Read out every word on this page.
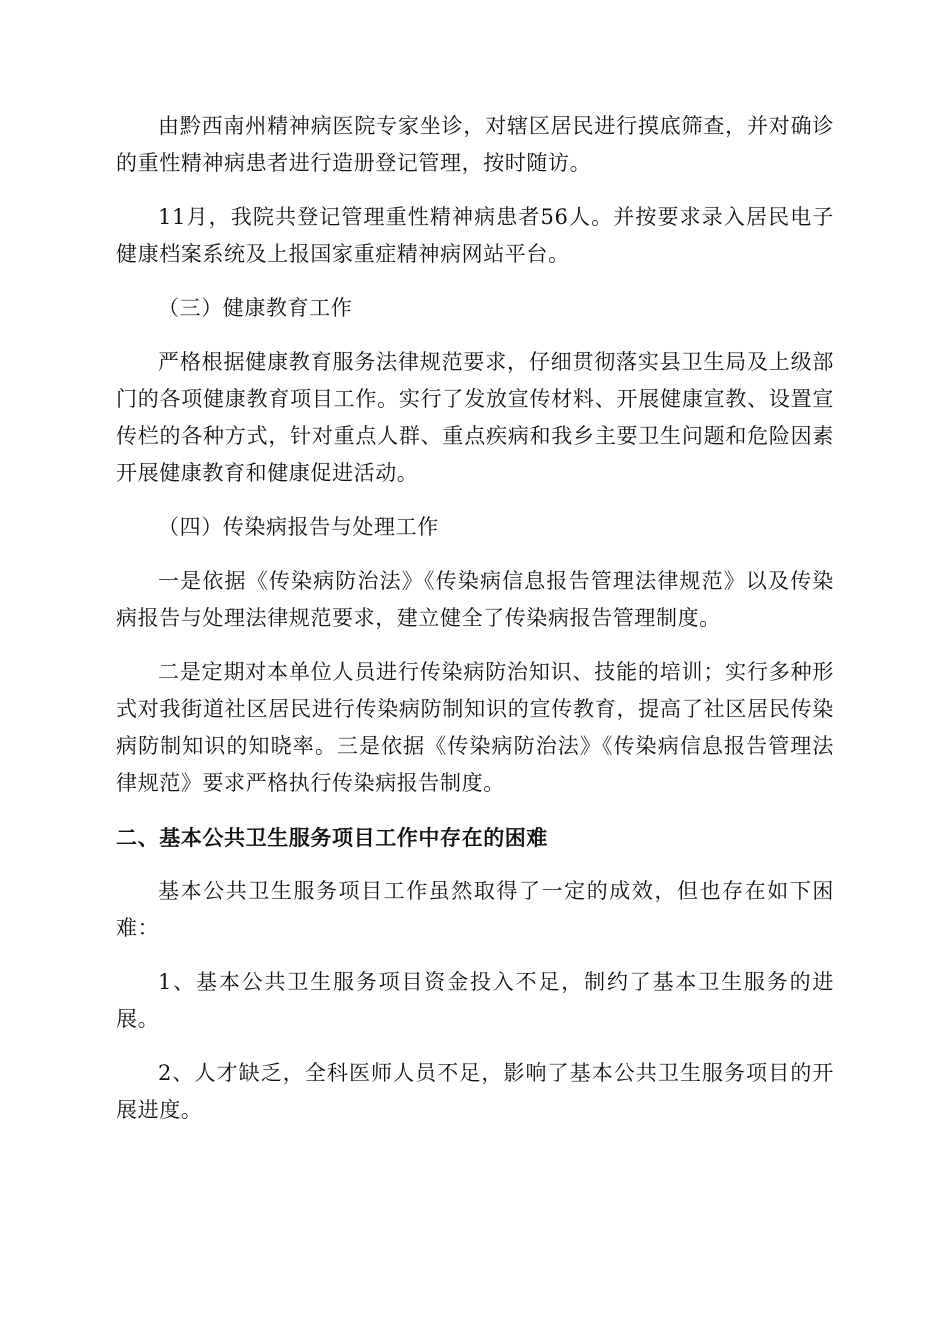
由黔西南州精神病医院专家坐诊，对辖区居民进行摸底筛查，并对确诊的重性精神病患者进行造册登记管理，按时随访。

11月，我院共登记管理重性精神病患者56人。并按要求录入居民电子健康档案系统及上报国家重症精神病网站平台。

（三）健康教育工作

严格根据健康教育服务法律规范要求，仔细贯彻落实县卫生局及上级部门的各项健康教育项目工作。实行了发放宣传材料、开展健康宣教、设置宣传栏的各种方式，针对重点人群、重点疾病和我乡主要卫生问题和危险因素开展健康教育和健康促进活动。

（四）传染病报告与处理工作

一是依据《传染病防治法》《传染病信息报告管理法律规范》以及传染病报告与处理法律规范要求，建立健全了传染病报告管理制度。

二是定期对本单位人员进行传染病防治知识、技能的培训；实行多种形式对我街道社区居民进行传染病防制知识的宣传教育，提高了社区居民传染病防制知识的知晓率。三是依据《传染病防治法》《传染病信息报告管理法律规范》要求严格执行传染病报告制度。

二、基本公共卫生服务项目工作中存在的困难

基本公共卫生服务项目工作虽然取得了一定的成效，但也存在如下困难：

1、基本公共卫生服务项目资金投入不足，制约了基本卫生服务的进展。

2、人才缺乏，全科医师人员不足，影响了基本公共卫生服务项目的开展进度。
